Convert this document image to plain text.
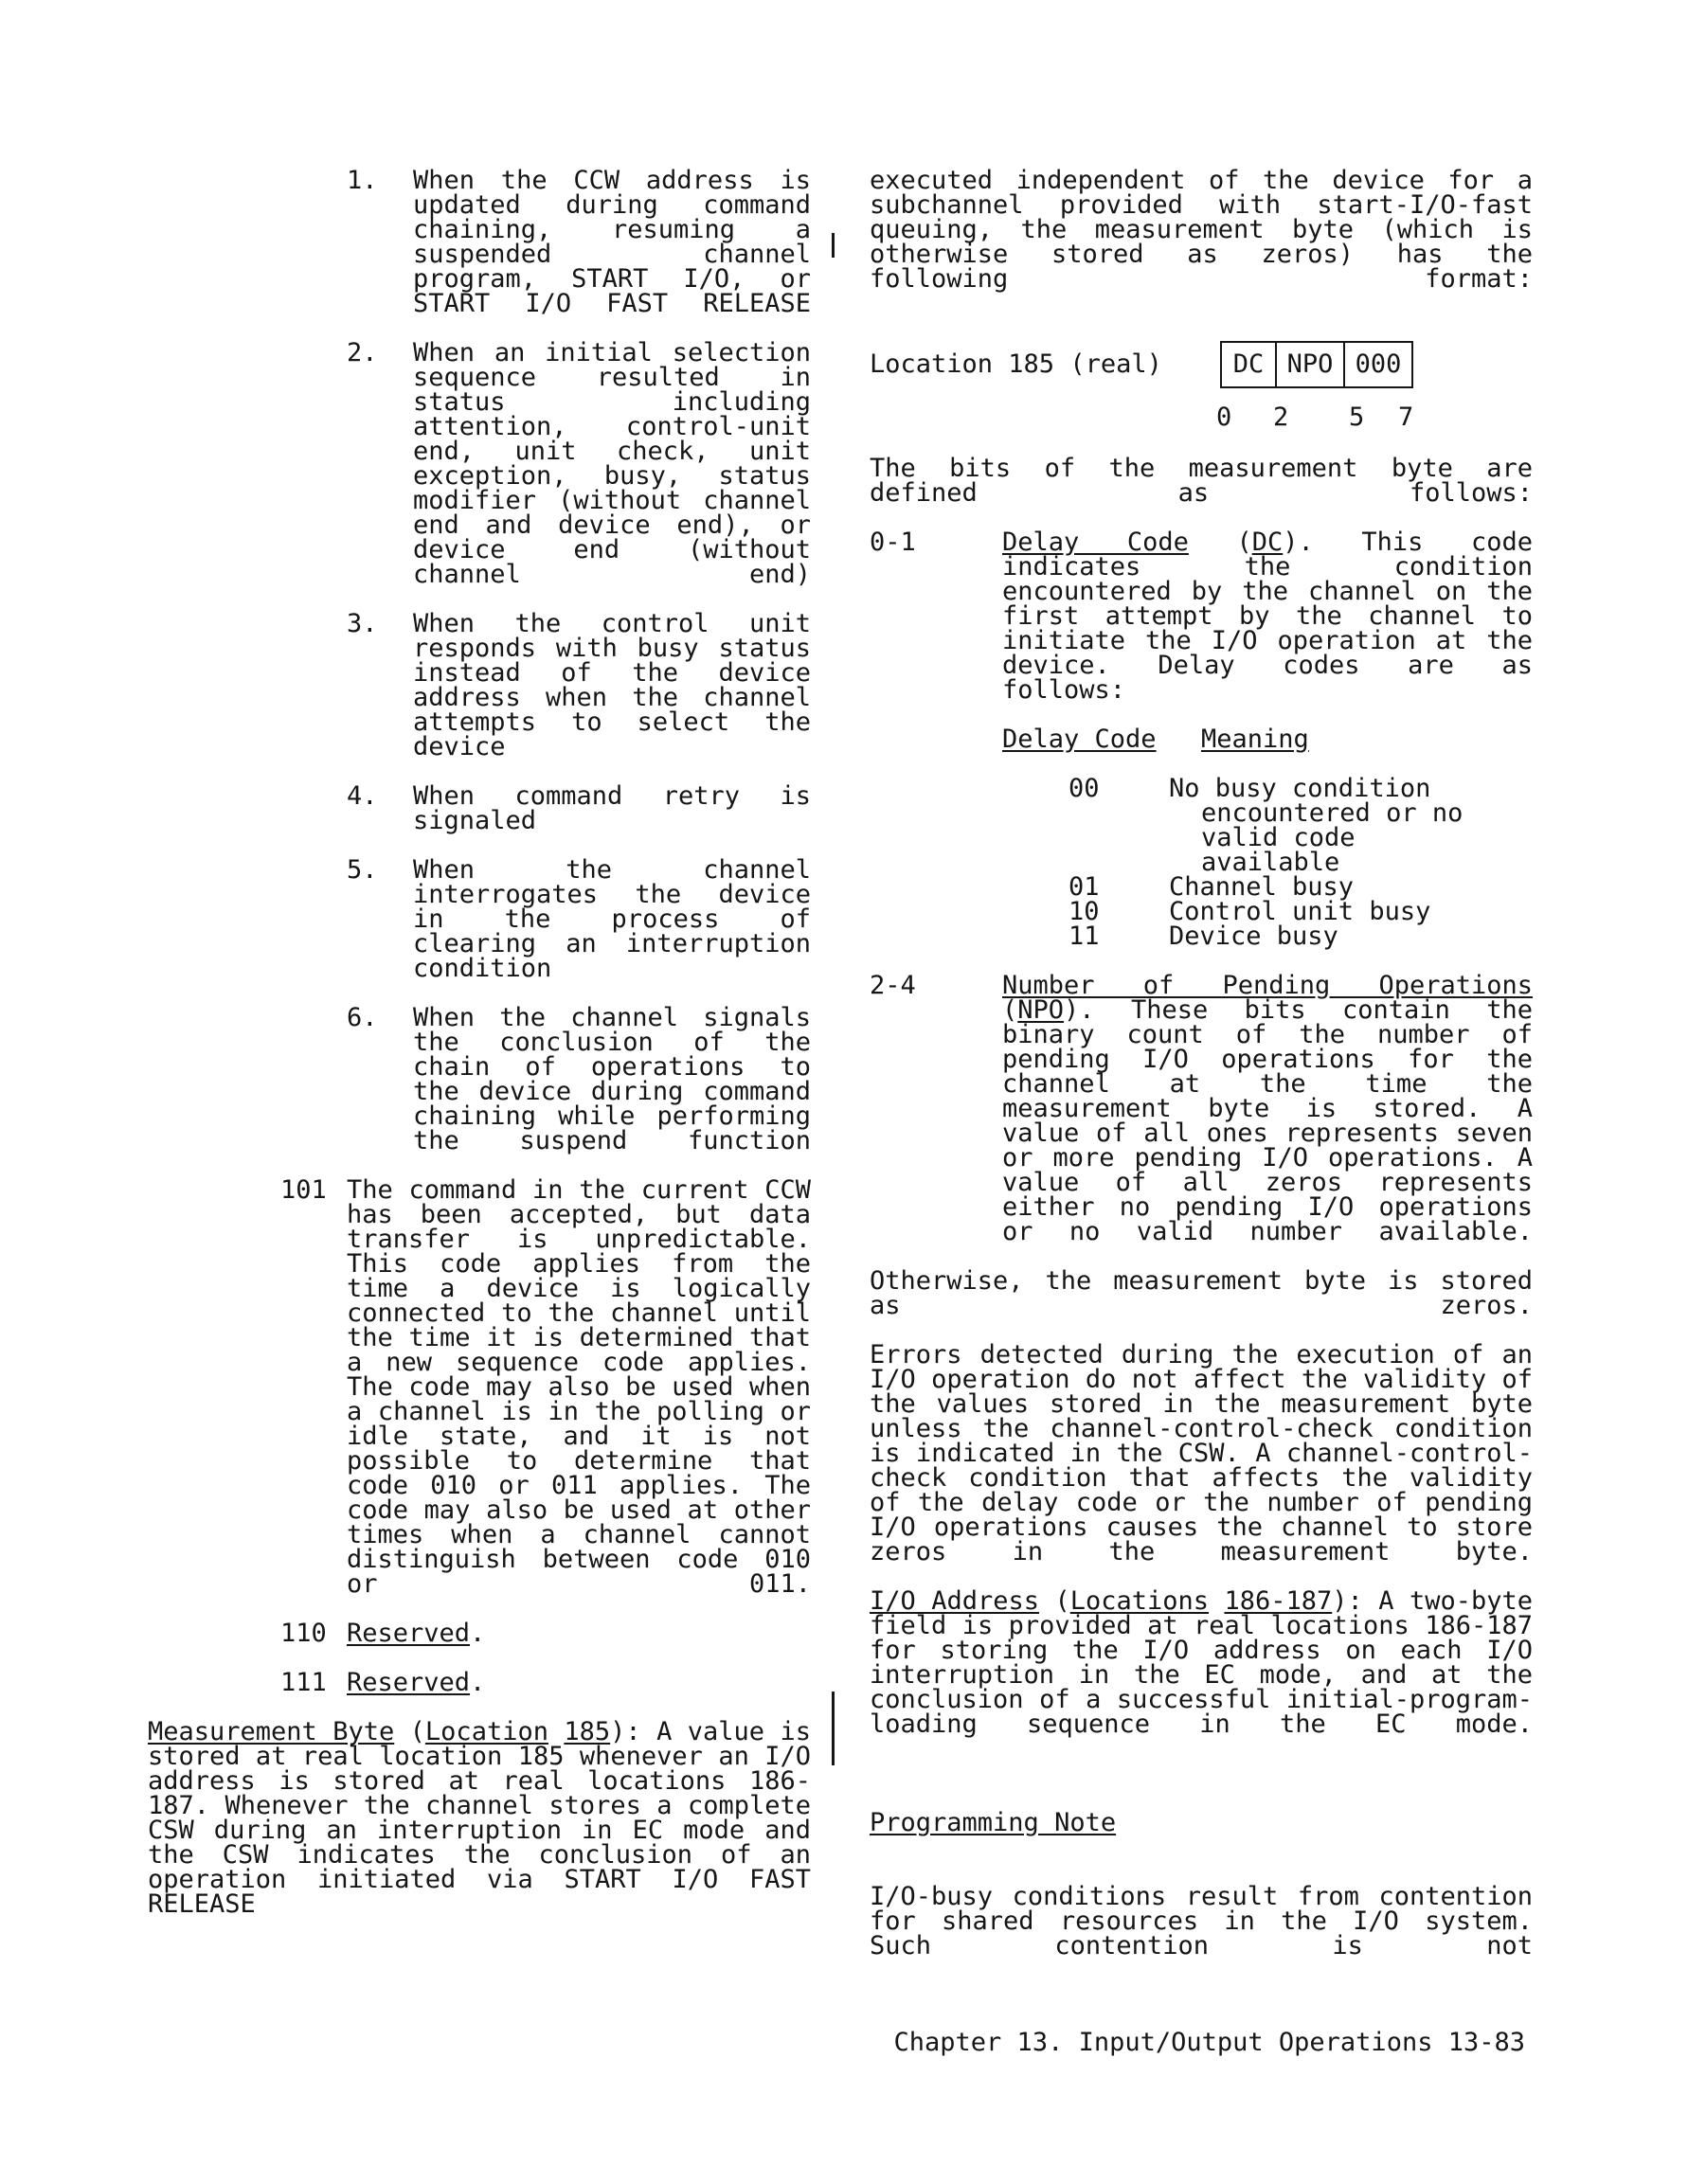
1. When the CCW address is updated during command chaining, resuming a suspended channel program, START I/O, or START I/O FAST RELEASE
2. When an initial selection sequence resulted in status including attention, control-unit end, unit check, unit exception, busy, status modifier (without channel end and device end), or device end (without channel end)
3. When the control unit responds with busy status instead of the device address when the channel attempts to select the device
4. When command retry is signaled
5. When the channel interrogates the device in the process of clearing an interruption condition
6. When the channel signals the conclusion of the chain of operations to the device during command chaining while performing the suspend function
101 The command in the current CCW has been accepted, but data transfer is unpredictable. This code applies from the time a device is logically connected to the channel until the time it is determined that a new sequence code applies. The code may also be used when a channel is in the polling or idle state, and it is not possible to determine that code 010 or 011 applies. The code may also be used at other times when a channel cannot distinguish between code 010 or 011.
110 Reserved.
111 Reserved.
Measurement Byte (Location 185): A value is stored at real location 185 whenever an I/O address is stored at real locations 186-187. Whenever the channel stores a complete CSW during an interruption in EC mode and the CSW indicates the conclusion of an operation initiated via START I/O FAST RELEASE
executed independent of the device for a subchannel provided with start-I/O-fast queuing, the measurement byte (which is otherwise stored as zeros) has the following format:
Location 185 (real)	DC NPO 000
0 2 5 7
The bits of the measurement byte are defined as follows:
0-1	Delay Code (DC). This code indicates the condition encountered by the channel on the first attempt by the channel to initiate the I/O operation at the device. Delay codes are as follows:
Delay Code	Meaning
00	No busy condition encountered or no valid code available
01	Channel busy
10	Control unit busy
11	Device busy
2-4	Number of Pending Operations (NPO). These bits contain the binary count of the number of pending I/O operations for the channel at the time the measurement byte is stored. A value of all ones represents seven or more pending I/O operations. A value of all zeros represents either no pending I/O operations or no valid number available.
Otherwise, the measurement byte is stored as zeros.
Errors detected during the execution of an I/O operation do not affect the validity of the values stored in the measurement byte unless the channel-control-check condition is indicated in the CSW. A channel-control-check condition that affects the validity of the delay code or the number of pending I/O operations causes the channel to store zeros in the measurement byte.
I/O Address (Locations 186-187): A two-byte field is provided at real locations 186-187 for storing the I/O address on each I/O interruption in the EC mode, and at the conclusion of a successful initial-program-loading sequence in the EC mode.
Programming Note
I/O-busy conditions result from contention for shared resources in the I/O system. Such contention is not
Chapter 13. Input/Output Operations 13-83
